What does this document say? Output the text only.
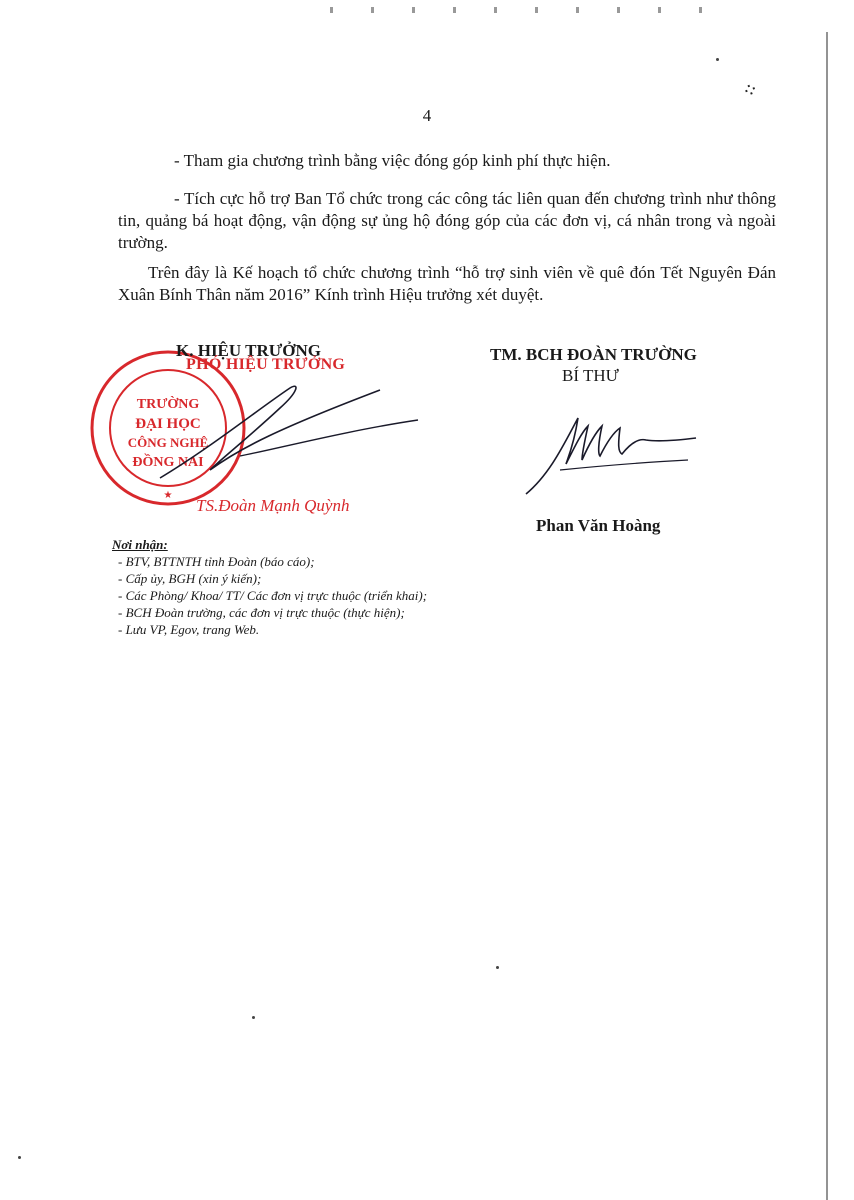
⁘
4
- Tham gia chương trình bằng việc đóng góp kinh phí thực hiện.
- Tích cực hỗ trợ Ban Tổ chức trong các công tác liên quan đến chương trình như thông tin, quảng bá hoạt động, vận động sự ủng hộ đóng góp của các đơn vị, cá nhân trong và ngoài trường.
Trên đây là Kế hoạch tổ chức chương trình “hỗ trợ sinh viên về quê đón Tết Nguyên Đán Xuân Bính Thân năm 2016” Kính trình Hiệu trưởng xét duyệt.
TRƯỜNG
ĐẠI HỌC
CÔNG NGHỆ
ĐỒNG NAI
★
K. HIỆU TRƯỞNG
PHÓ HIỆU TRƯỞNG
TS.Đoàn Mạnh Quỳnh
TM. BCH ĐOÀN TRƯỜNG
BÍ THƯ
Phan Văn Hoàng
Nơi nhận:
- BTV, BTTNTH tỉnh Đoàn (báo cáo);
- Cấp ủy, BGH (xin ý kiến);
- Các Phòng/ Khoa/ TT/ Các đơn vị trực thuộc (triển khai);
- BCH Đoàn trường, các đơn vị trực thuộc (thực hiện);
- Lưu VP, Egov, trang Web.
